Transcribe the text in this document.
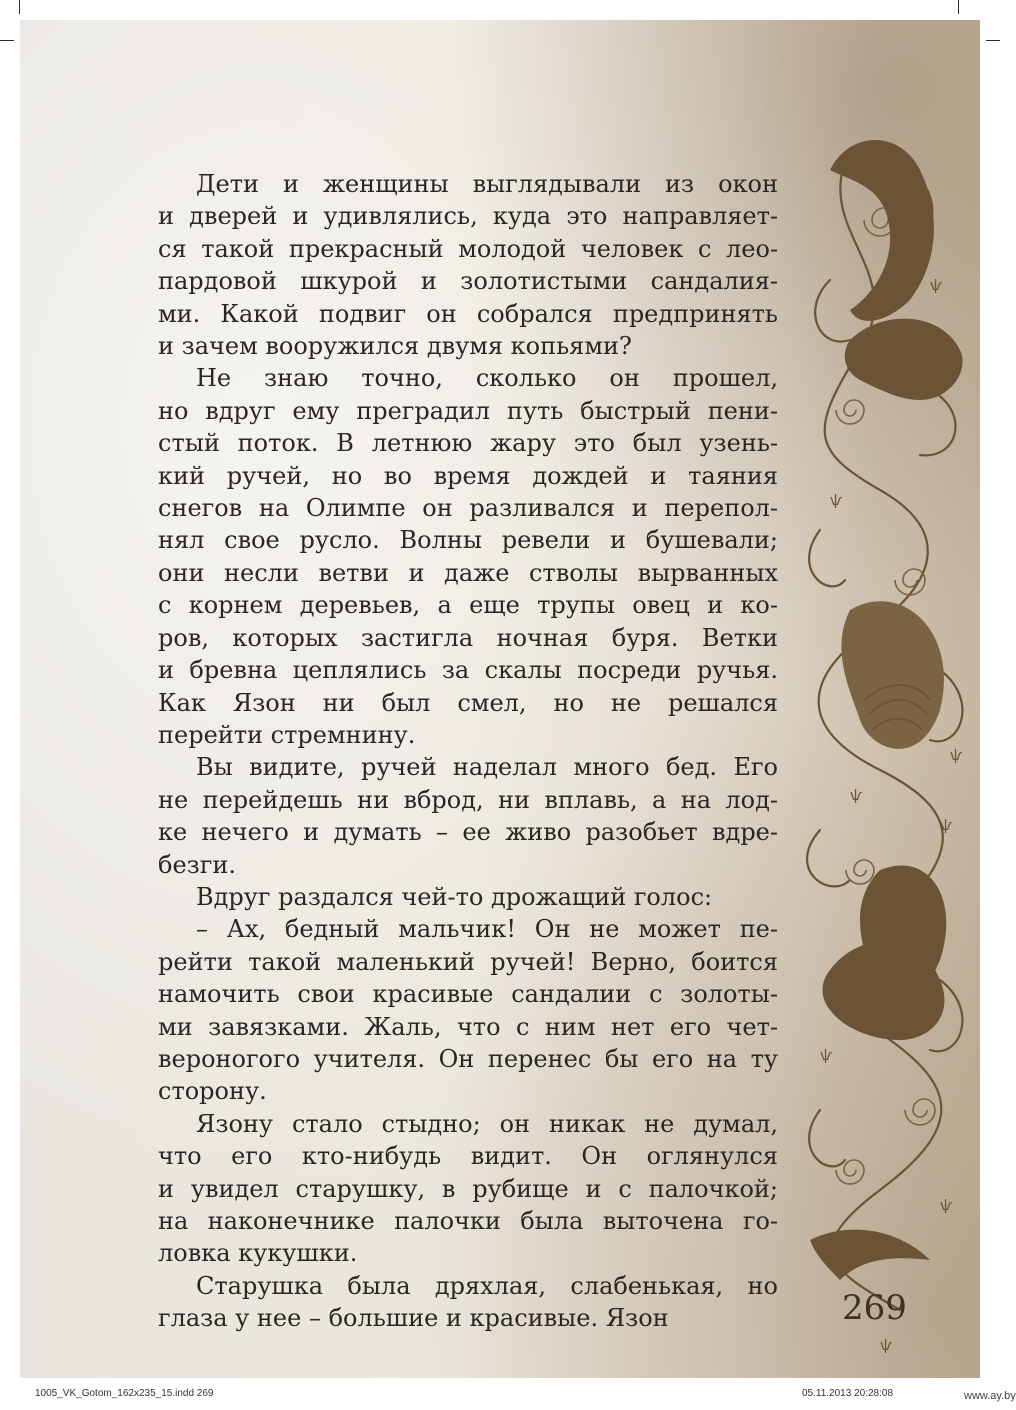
ѱ
ѱ
ѱ
ѱ
ѱ
ѱ
ѱ
ѱ
Дети и женщины выглядывали из окон
и дверей и удивлялись, куда это направляет-
ся такой прекрасный молодой человек с лео-
пардовой шкурой и золотистыми сандалия-
ми. Какой подвиг он собрался предпринять
и зачем вооружился двумя копьями?
Не знаю точно, сколько он прошел,
но вдруг ему преградил путь быстрый пени-
стый поток. В летнюю жару это был узень-
кий ручей, но во время дождей и таяния
снегов на Олимпе он разливался и перепол-
нял свое русло. Волны ревели и бушевали;
они несли ветви и даже стволы вырванных
с корнем деревьев, а еще трупы овец и ко-
ров, которых застигла ночная буря. Ветки
и бревна цеплялись за скалы посреди ручья.
Как Язон ни был смел, но не решался
перейти стремнину.
Вы видите, ручей наделал много бед. Его
не перейдешь ни вброд, ни вплавь, а на лод-
ке нечего и думать – ее живо разобьет вдре-
безги.
Вдруг раздался чей-то дрожащий голос:
– Ах, бедный мальчик! Он не может пе-
рейти такой маленький ручей! Верно, боится
намочить свои красивые сандалии с золоты-
ми завязками. Жаль, что с ним нет его чет-
вероногого учителя. Он перенес бы его на ту
сторону.
Язону стало стыдно; он никак не думал,
что его кто-нибудь видит. Он оглянулся
и увидел старушку, в рубище и с палочкой;
на наконечнике палочки была выточена го-
ловка кукушки.
Старушка была дряхлая, слабенькая, но
глаза у нее – большие и красивые. Язон	269
1005_VK_Gotom_162x235_15.indd 269	05.11.2013 20:28:08	www.ay.by
